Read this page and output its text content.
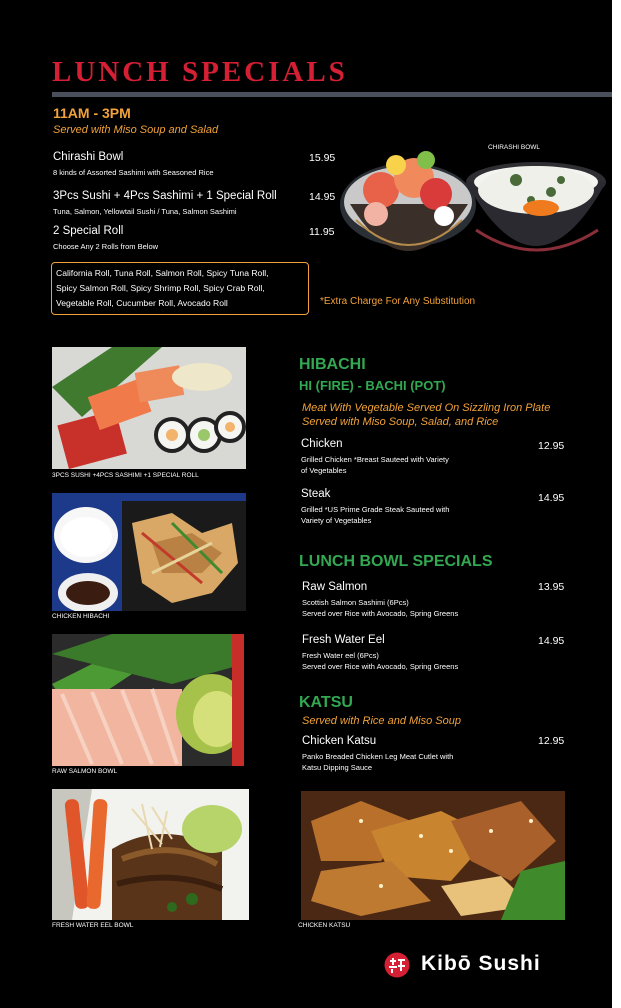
LUNCH SPECIALS
11AM - 3PM
Served with Miso Soup and Salad
Chirashi Bowl
8 kinds of Assorted Sashimi with Seasoned Rice
15.95
3Pcs Sushi + 4Pcs Sashimi + 1 Special Roll
Tuna, Salmon, Yellowtail Sushi / Tuna, Salmon Sashimi
14.95
2 Special Roll
Choose Any 2 Rolls from Below
11.95
California Roll, Tuna Roll, Salmon Roll, Spicy Tuna Roll,
Spicy Salmon Roll, Spicy Shrimp Roll, Spicy Crab Roll,
Vegetable Roll, Cucumber Roll, Avocado Roll	*Extra Charge For Any Substitution
CHIRASHI BOWL
3PCS SUSHI +4PCS SASHIMI +1 SPECIAL ROLL
CHICKEN HIBACHI
RAW SALMON BOWL
FRESH WATER EEL BOWL	CHICKEN KATSU
HIBACHI
HI (FIRE) - BACHI (POT)
Meat With Vegetable Served On Sizzling Iron Plate
Served with Miso Soup, Salad, and Rice
Chicken
Grilled Chicken *Breast Sauteed with Variety
of Vegetables
12.95
Steak
Grilled *US Prime Grade Steak Sauteed with
Variety of Vegetables
14.95
LUNCH BOWL SPECIALS
Raw Salmon
Scottish Salmon Sashimi (6Pcs)
Served over Rice with Avocado, Spring Greens
13.95
Fresh Water Eel
Fresh Water eel (6Pcs)
Served over Rice with Avocado, Spring Greens
14.95
KATSU
Served with Rice and Miso Soup
Chicken Katsu
Panko Breaded Chicken Leg Meat Cutlet with
Katsu Dipping Sauce
12.95
Kibō Sushi
